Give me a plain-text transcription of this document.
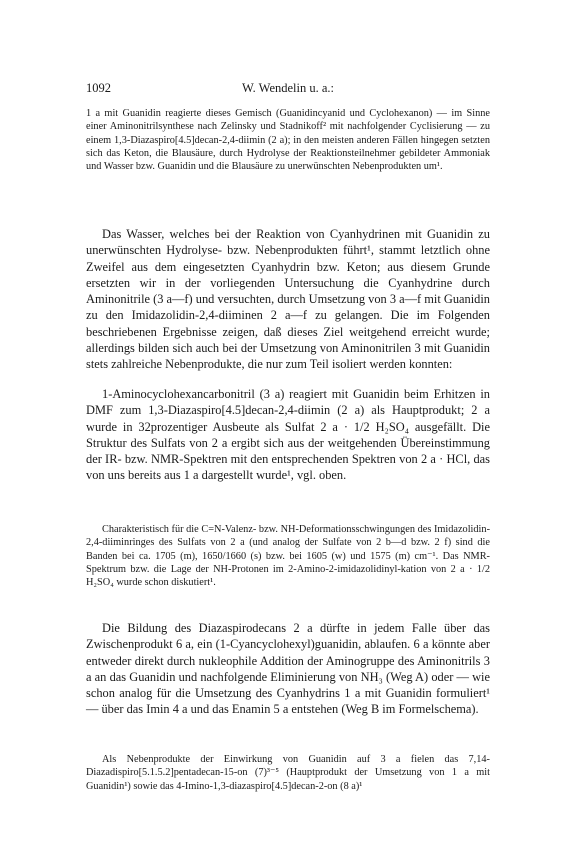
1092	W. Wendelin u. a.:

1 a mit Guanidin reagierte dieses Gemisch (Guanidincyanid und Cyclohexanon) — im Sinne einer Aminonitrilsynthese nach Zelinsky und Stadnikoff² mit nachfolgender Cyclisierung — zu einem 1,3-Diazaspiro[4.5]decan-2,4-diimin (2 a); in den meisten anderen Fällen hingegen setzten sich das Keton, die Blausäure, durch Hydrolyse der Reaktionsteilnehmer gebildeter Ammoniak und Wasser bzw. Guanidin und die Blausäure zu unerwünschten Nebenprodukten um¹.

Das Wasser, welches bei der Reaktion von Cyanhydrinen mit Guanidin zu unerwünschten Hydrolyse- bzw. Nebenprodukten führt¹, stammt letztlich ohne Zweifel aus dem eingesetzten Cyanhydrin bzw. Keton; aus diesem Grunde ersetzten wir in der vorliegenden Untersuchung die Cyanhydrine durch Aminonitrile (3 a—f) und versuchten, durch Umsetzung von 3 a—f mit Guanidin zu den Imidazolidin-2,4-diiminen 2 a—f zu gelangen. Die im Folgenden beschriebenen Ergebnisse zeigen, daß dieses Ziel weitgehend erreicht wurde; allerdings bilden sich auch bei der Umsetzung von Aminonitrilen 3 mit Guanidin stets zahlreiche Nebenprodukte, die nur zum Teil isoliert werden konnten:

1-Aminocyclohexancarbonitril (3 a) reagiert mit Guanidin beim Erhitzen in DMF zum 1,3-Diazaspiro[4.5]decan-2,4-diimin (2 a) als Hauptprodukt; 2 a wurde in 32prozentiger Ausbeute als Sulfat 2 a · 1/2 H₂SO₄ ausgefällt. Die Struktur des Sulfats von 2 a ergibt sich aus der weitgehenden Übereinstimmung der IR- bzw. NMR-Spektren mit den entsprechenden Spektren von 2 a · HCl, das von uns bereits aus 1 a dargestellt wurde¹, vgl. oben.

Charakteristisch für die C=N-Valenz- bzw. NH-Deformationsschwingungen des Imidazolidin-2,4-diiminringes des Sulfats von 2 a (und analog der Sulfate von 2 b—d bzw. 2 f) sind die Banden bei ca. 1705 (m), 1650/1660 (s) bzw. bei 1605 (w) und 1575 (m) cm⁻¹. Das NMR-Spektrum bzw. die Lage der NH-Protonen im 2-Amino-2-imidazolidinyl-kation von 2 a · 1/2 H₂SO₄ wurde schon diskutiert¹.

Die Bildung des Diazaspirodecans 2 a dürfte in jedem Falle über das Zwischenprodukt 6 a, ein (1-Cyancyclohexyl)guanidin, ablaufen. 6 a könnte aber entweder direkt durch nukleophile Addition der Aminogruppe des Aminonitrils 3 a an das Guanidin und nachfolgende Eliminierung von NH₃ (Weg A) oder — wie schon analog für die Umsetzung des Cyanhydrins 1 a mit Guanidin formuliert¹ — über das Imin 4 a und das Enamin 5 a entstehen (Weg B im Formelschema).

Als Nebenprodukte der Einwirkung von Guanidin auf 3 a fielen das 7,14-Diazadispiro[5.1.5.2]pentadecan-15-on (7)³⁻⁵ (Hauptprodukt der Umsetzung von 1 a mit Guanidin¹) sowie das 4-Imino-1,3-diazaspiro[4.5]decan-2-on (8 a)¹
